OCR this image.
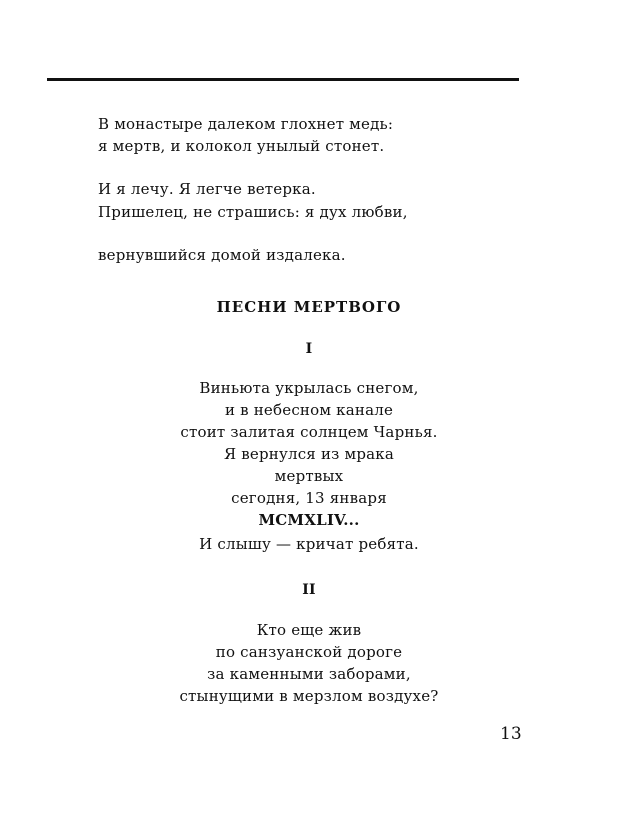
В монастыре далеком глохнет медь:
я мертв, и колокол унылый стонет.
И я лечу. Я легче ветерка.
Пришелец, не страшись: я дух любви,
вернувшийся домой издалека.
ПЕСНИ МЕРТВОГО
I
Виньюта укрылась снегом,
и в небесном канале
стоит залитая солнцем Чарнья.
Я вернулся из мрака
мертвых
сегодня, 13 января
MCMXLIV...
И слышу — кричат ребята.
II
Кто еще жив
по санзуанской дороге
за каменными заборами,
стынущими в мерзлом воздухе?
13
